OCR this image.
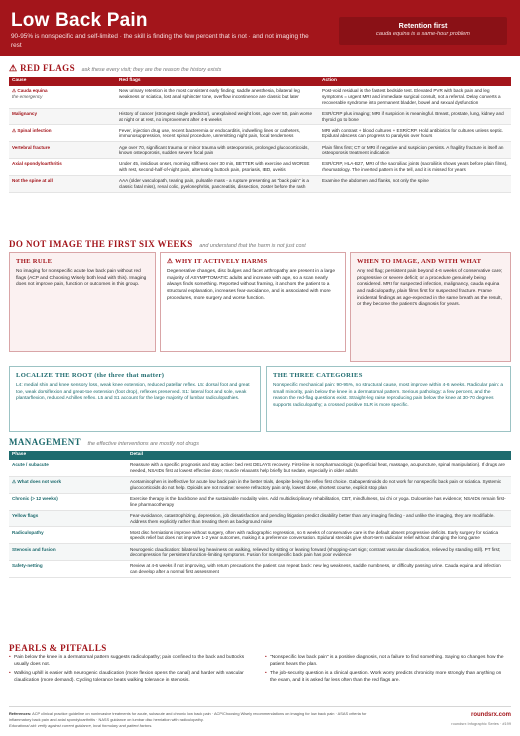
Low Back Pain
90-95% is nonspecific and self-limited · the skill is finding the few percent that is not · and not imaging the rest
Retention first
cauda equina is a same-hour problem
⚠ RED FLAGS ask these every visit; they are the reason the history exists
Cause	Red flags	Action
⚠ Cauda equina
the emergency	New urinary retention is the most consistent early finding; saddle anesthesia, bilateral leg weakness or sciatica, lost anal sphincter tone, overflow incontinence are classic but later	Post-void residual is the fastest bedside test. Elevated PVR with back pain and leg symptoms = urgent MRI and immediate surgical consult, not a referral. Delay converts a recoverable syndrome into permanent bladder, bowel and sexual dysfunction
Malignancy	History of cancer (strongest single predictor), unexplained weight loss, age over 50, pain worse at night or at rest, no improvement after 4-6 weeks	ESR/CRP plus imaging; MRI if suspicion is meaningful. Breast, prostate, lung, kidney and thyroid go to bone
⚠ Spinal infection	Fever, injection drug use, recent bacteremia or endocarditis, indwelling lines or catheters, immunosuppression, recent spinal procedure, unremitting night pain, focal tenderness	MRI with contrast + blood cultures + ESR/CRP. Hold antibiotics for cultures unless septic. Epidural abscess can progress to paralysis over hours
Vertebral fracture	Age over 70, significant trauma or minor trauma with osteoporosis, prolonged glucocorticoids, known osteoporosis, sudden severe focal pain	Plain films first; CT or MRI if negative and suspicion persists. A fragility fracture is itself an osteoporosis treatment indication
Axial spondyloarthritis	Under 45, insidious onset, morning stiffness over 30 min, BETTER with exercise and WORSE with rest, second-half-of-night pain, alternating buttock pain, psoriasis, IBD, uveitis	ESR/CRP, HLA-B27, MRI of the sacroiliac joints (sacroiliitis shows years before plain films), rheumatology. The inverted pattern is the tell, and it is missed for years
Not the spine at all	AAA (older vasculopath, tearing pain, pulsatile mass - a rupture presenting as "back pain" is a classic fatal miss), renal colic, pyelonephritis, pancreatitis, dissection, zoster before the rash	Examine the abdomen and flanks, not only the spine
DO NOT IMAGE THE FIRST SIX WEEKS and understand that the harm is not just cost
THE RULE
No imaging for nonspecific acute low back pain without red flags (ACP and Choosing Wisely both lead with this). Imaging does not improve pain, function or outcomes in this group.
⚠ WHY IT ACTIVELY HARMS
Degenerative changes, disc bulges and facet arthropathy are present in a large majority of ASYMPTOMATIC adults and increase with age, so a scan nearly always finds something. Reported without framing, it anchors the patient to a structural explanation, increases fear-avoidance, and is associated with more procedures, more surgery and worse function.
WHEN TO IMAGE, AND WITH WHAT
Any red flag; persistent pain beyond 4-6 weeks of conservative care; progressive or severe deficit; or a procedure genuinely being considered. MRI for suspected infection, malignancy, cauda equina and radiculopathy, plain films first for suspected fracture. Frame incidental findings as age-expected in the same breath as the result, or they become the patient's diagnosis for years.
LOCALIZE THE ROOT (the three that matter)
L4: medial shin and knee sensory loss, weak knee extension, reduced patellar reflex. L5: dorsal foot and great toe, weak dorsiflexion and great-toe extension (foot drop), reflexes preserved. S1: lateral foot and sole, weak plantarflexion, reduced Achilles reflex. L5 and S1 account for the large majority of lumbar radiculopathies.
THE THREE CATEGORIES
Nonspecific mechanical pain: 90-95%, no structural cause, most improve within 4-6 weeks. Radicular pain: a small minority, pain below the knee in a dermatomal pattern. Serious pathology: a few percent, and the reason the red-flag questions exist. Straight-leg raise reproducing pain below the knee at 30-70 degrees supports radiculopathy; a crossed positive SLR is more specific.
MANAGEMENT the effective interventions are mostly not drugs
Phase	Detail
Acute / subacute	Reassure with a specific prognosis and stay active: bed rest DELAYS recovery. First-line is nonpharmacologic (superficial heat, massage, acupuncture, spinal manipulation). If drugs are needed, NSAIDs first at lowest effective dose; muscle relaxants help briefly but sedate, especially in older adults
⚠ What does not work	Acetaminophen is ineffective for acute low back pain in the better trials, despite being the reflex first choice. Gabapentinoids do not work for nonspecific back pain or sciatica. Systemic glucocorticoids do not help. Opioids are not routine: severe refractory pain only, lowest dose, shortest course, explicit stop plan
Chronic (> 12 weeks)	Exercise therapy is the backbone and the sustainable modality wins. Add multidisciplinary rehabilitation, CBT, mindfulness, tai chi or yoga. Duloxetine has evidence; NSAIDs remain first-line pharmacotherapy
Yellow flags	Fear-avoidance, catastrophizing, depression, job dissatisfaction and pending litigation predict disability better than any imaging finding - and unlike the imaging, they are modifiable. Address them explicitly rather than treating them as background noise
Radiculopathy	Most disc herniations improve without surgery, often with radiographic regression, so 6 weeks of conservative care is the default absent progressive deficits. Early surgery for sciatica speeds relief but does not improve 1-2 year outcomes, making it a preference conversation. Epidural steroids give short-term radicular relief without changing the long game
Stenosis and fusion	Neurogenic claudication: bilateral leg heaviness on walking, relieved by sitting or leaning forward (shopping-cart sign; contrast vascular claudication, relieved by standing still). PT first; decompression for persistent function-limiting symptoms. Fusion for nonspecific back pain has poor evidence
Safety-netting	Review at 4-6 weeks if not improving, with return precautions the patient can repeat back: new leg weakness, saddle numbness, or difficulty passing urine. Cauda equina and infection can develop after a normal first assessment
PEARLS & PITFALLS
• Pain below the knee in a dermatomal pattern suggests radiculopathy; pain confined to the back and buttocks usually does not.
• Walking uphill is easier with neurogenic claudication (more flexion opens the canal) and harder with vascular claudication (more demand). Cycling tolerance beats walking tolerance in stenosis.
• "Nonspecific low back pain" is a positive diagnosis, not a failure to find something. Saying so changes how the patient hears the plan.
• The job-security question is a clinical question. Work worry predicts chronicity more strongly than anything on the exam, and it is asked far less often than the red flags are.
References: ACP clinical practice guideline on noninvasive treatments for acute, subacute and chronic low back pain · ACP/Choosing Wisely recommendations on imaging for low back pain · ASAS criteria for inflammatory back pain and axial spondyloarthritis · NASS guidance on lumbar disc herniation with radiculopathy.
Educational aid: verify against current guidance, local formulary and patient factors.
roundsrx.com
roundsrx Infographic Series · #199
